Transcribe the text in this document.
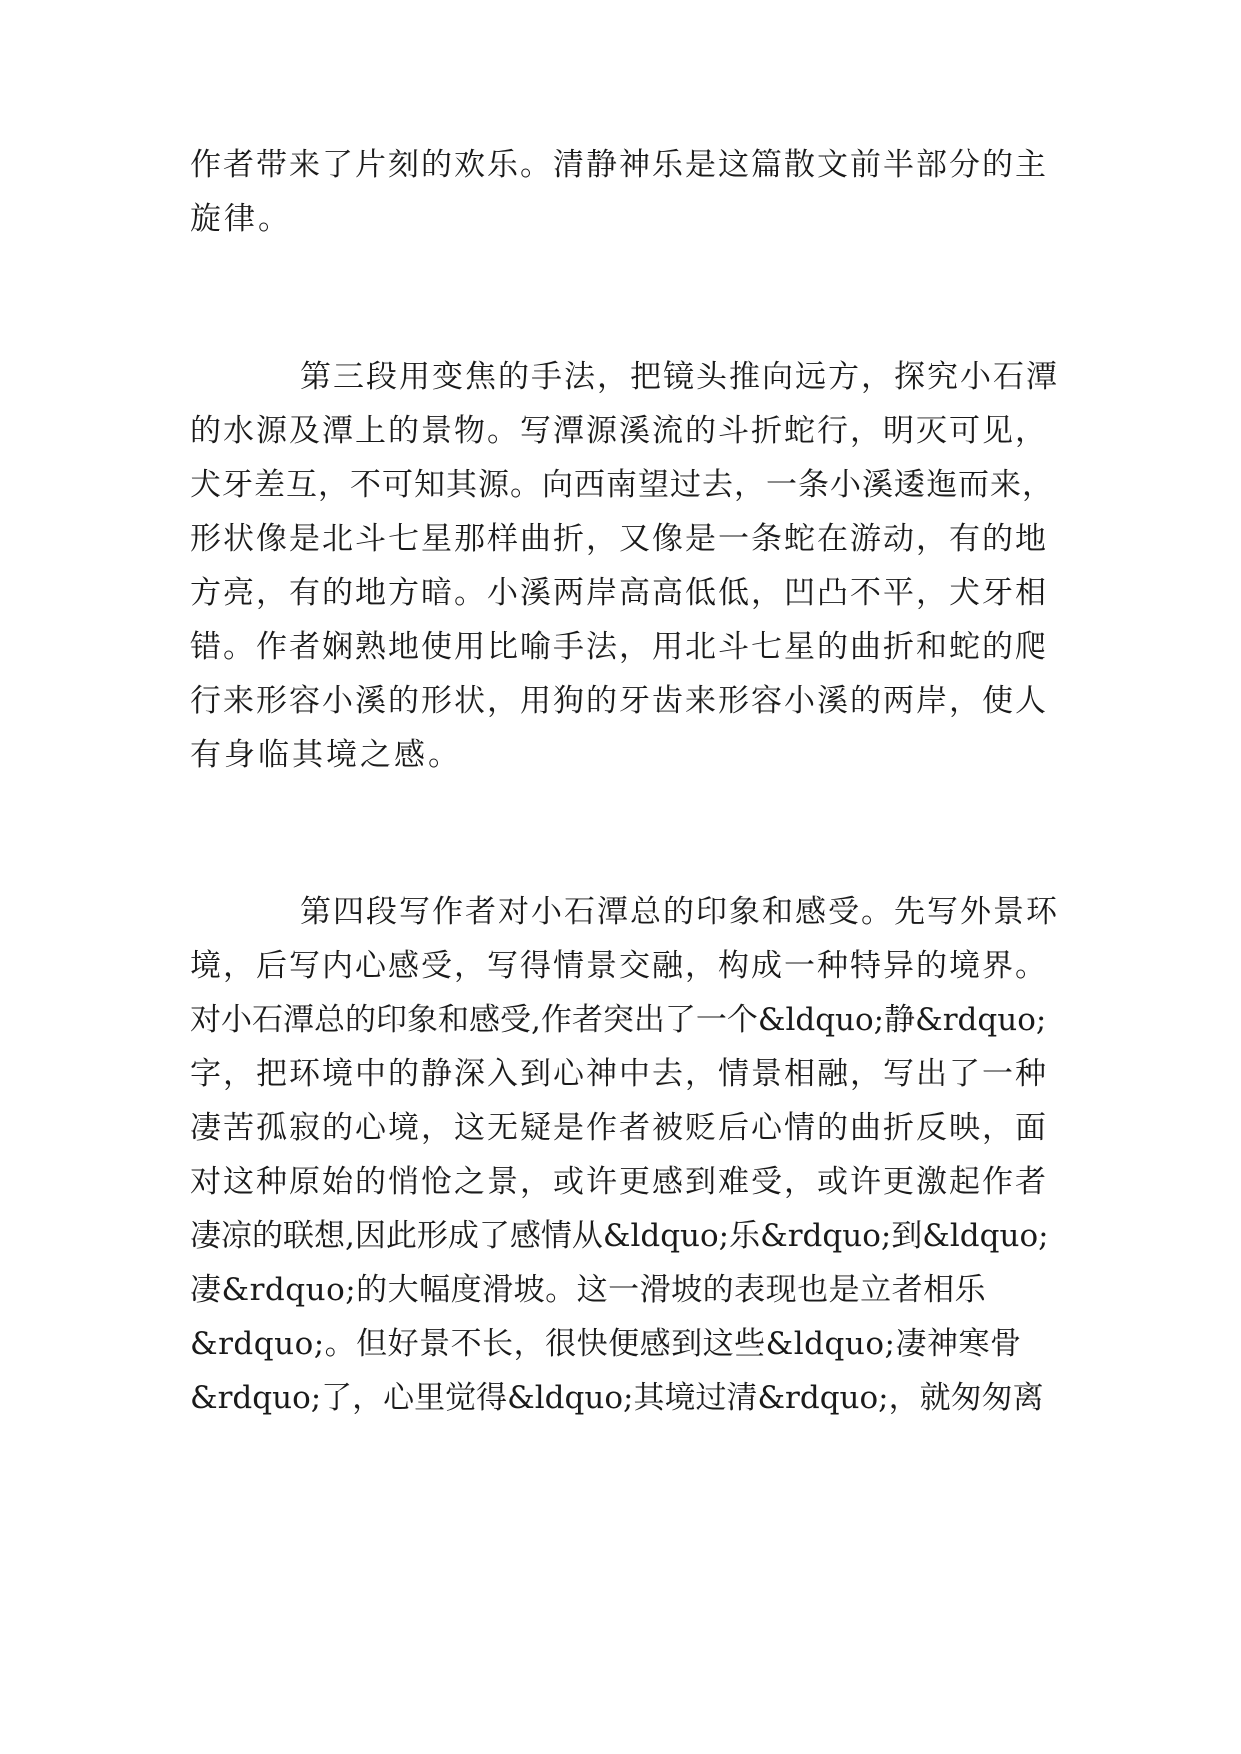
作者带来了片刻的欢乐。清静神乐是这篇散文前半部分的主
旋律。
第三段用变焦的手法，把镜头推向远方，探究小石潭
的水源及潭上的景物。写潭源溪流的斗折蛇行，明灭可见，
犬牙差互，不可知其源。向西南望过去，一条小溪逶迤而来，
形状像是北斗七星那样曲折，又像是一条蛇在游动，有的地
方亮，有的地方暗。小溪两岸高高低低，凹凸不平，犬牙相
错。作者娴熟地使用比喻手法，用北斗七星的曲折和蛇的爬
行来形容小溪的形状，用狗的牙齿来形容小溪的两岸，使人
有身临其境之感。
第四段写作者对小石潭总的印象和感受。先写外景环
境，后写内心感受，写得情景交融，构成一种特异的境界。
对小石潭总的印象和感受,作者突出了一个&ldquo;静&rdquo;
字，把环境中的静深入到心神中去，情景相融，写出了一种
凄苦孤寂的心境，这无疑是作者被贬后心情的曲折反映，面
对这种原始的悄怆之景，或许更感到难受，或许更激起作者
凄凉的联想,因此形成了感情从&ldquo;乐&rdquo;到&ldquo;
凄&rdquo;的大幅度滑坡。这一滑坡的表现也是立者相乐
&rdquo;。但好景不长，很快便感到这些&ldquo;凄神寒骨
&rdquo;了，心里觉得&ldquo;其境过清&rdquo;，就匆匆离
